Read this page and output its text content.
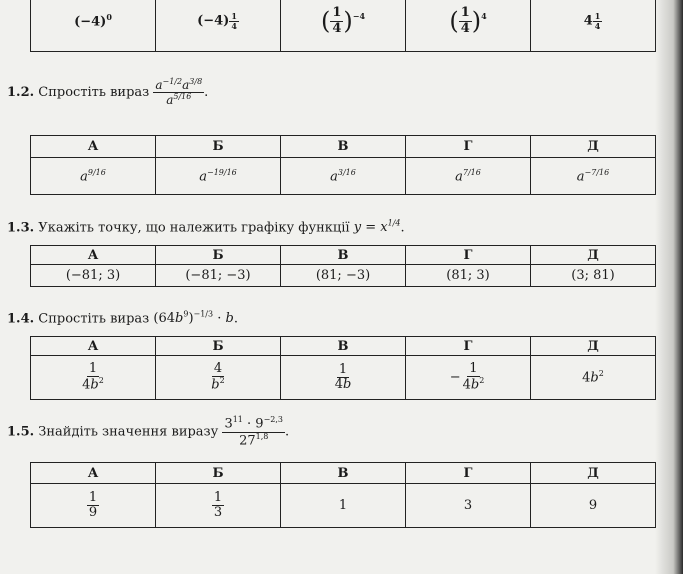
$(-4)^0$	$(-4) \frac{1}{4}$	( $\frac{1}{4} )^{-4}$	( $\frac{1}{4} )^4$	$4 \frac{1}{4}$
1.2. Спростіть вираз $\frac{a^{-1/2}a^{3/8}}{a^{5/16}}$ .
А	Б	В	Г	Д
$a^{9/16}$	$a^{-19/16}$	$a^{3/16}$	$a^{7/16}$	$a^{-7/16}$
1.3. Укажіть точку, що належить графіку функції $y = x^{1/4}$.
А	Б	В	Г	Д
(−81; 3)	(−81; −3)	(81; −3)	(81; 3)	(3; 81)
1.4. Спростіть вираз $(64b^9)^{-1/3} \cdot b$.
А	Б	В	Г	Д

$\frac{1}{4b^2}$	$\frac{4}{b^2}$	$\frac{1}{4b}$	− $\frac{1}{4b^2}$	$4b^2$
1.5. Знайдіть значення виразу $\frac{3^{11} \cdot 9^{-2,3}}{27^{1,8}}$ .
А	Б	В	Г	Д

$\frac{1}{9}$	$\frac{1}{3}$	1	3	9
